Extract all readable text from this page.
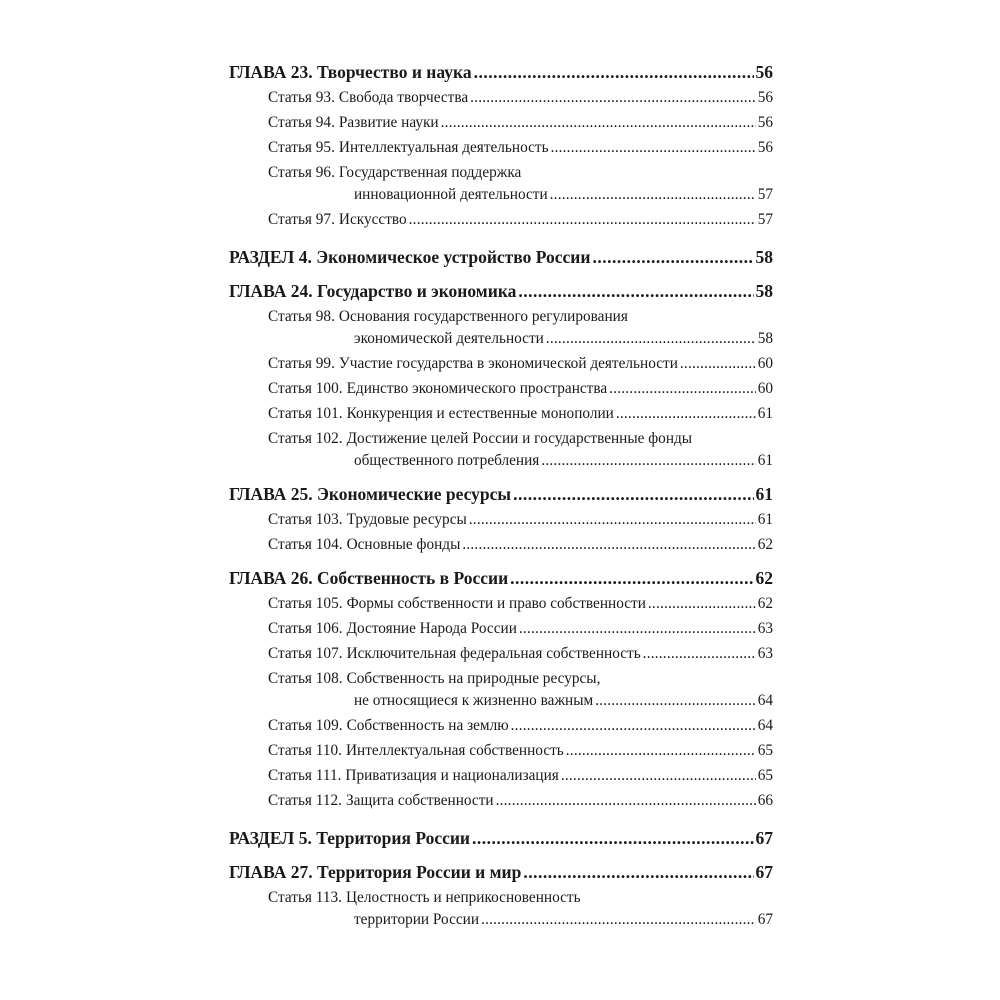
ГЛАВА 23. Творчество и наука .....	56
Статья 93. Свобода творчества .....	56
Статья 94. Развитие науки .....	56
Статья 95. Интеллектуальная деятельность .....	56
Статья 96. Государственная поддержка
инновационной деятельности .....	57
Статья 97. Искусство .....	57
РАЗДЕЛ 4. Экономическое устройство России .....	58
ГЛАВА 24. Государство и экономика .....	58
Статья 98. Основания государственного регулирования
экономической деятельности .....	58
Статья 99. Участие государства в экономической деятельности .....	60
Статья 100. Единство экономического пространства .....	60
Статья 101. Конкуренция и естественные монополии .....	61
Статья 102. Достижение целей России и государственные фонды
общественного потребления .....	61
ГЛАВА 25. Экономические ресурсы .....	61
Статья 103. Трудовые ресурсы .....	61
Статья 104. Основные фонды .....	62
ГЛАВА 26. Собственность в России .....	62
Статья 105. Формы собственности и право собственности .....	62
Статья 106. Достояние Народа России .....	63
Статья 107. Исключительная федеральная собственность .....	63
Статья 108. Собственность на природные ресурсы,
не относящиеся к жизненно важным .....	64
Статья 109. Собственность на землю .....	64
Статья 110. Интеллектуальная собственность .....	65
Статья 111. Приватизация и национализация .....	65
Статья 112. Защита собственности .....	66
РАЗДЕЛ 5. Территория России .....	67
ГЛАВА 27. Территория России и мир .....	67
Статья 113. Целостность и неприкосновенность
территории России .....	67
